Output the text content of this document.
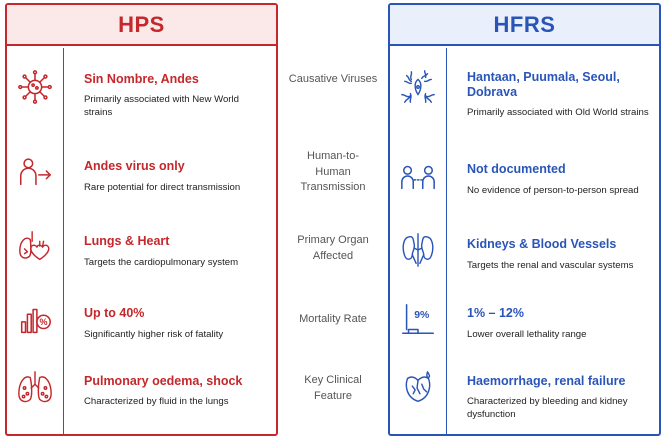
HPS
Sin Nombre, Andes
Primarily associated with New World strains
Andes virus only
Rare potential for direct transmission
Lungs & Heart
Targets the cardiopulmonary system
%
Up to 40%
Significantly higher risk of fatality
Pulmonary oedema, shock
Characterized by fluid in the lungs
Causative Viruses
Human-to-Human Transmission
Primary Organ Affected
Mortality Rate
Key Clinical Feature
HFRS
Hantaan, Puumala, Seoul, Dobrava
Primarily associated with Old World strains
Not documented
No evidence of person-to-person spread
Kidneys & Blood Vessels
Targets the renal and vascular systems
9%	1% – 12%
Lower overall lethality range
Haemorrhage, renal failure
Characterized by bleeding and kidney dysfunction
